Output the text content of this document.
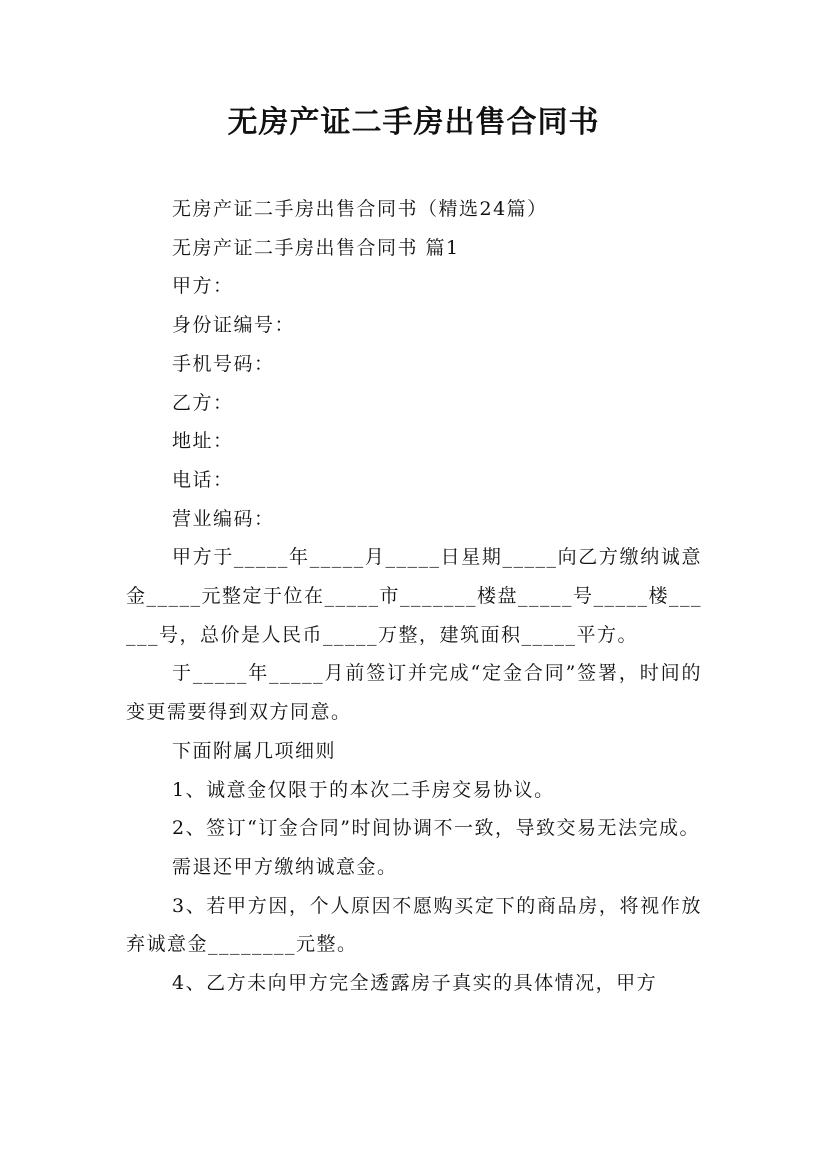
无房产证二手房出售合同书

无房产证二手房出售合同书（精选24篇）

无房产证二手房出售合同书 篇1

甲方：

身份证编号：

手机号码：

乙方：

地址：

电话：

营业编码：

甲方于_____年_____月_____日星期_____向乙方缴纳诚意金_____元整定于位在_____市_______楼盘_____号_____楼______号，总价是人民币_____万整，建筑面积_____平方。

于_____年_____月前签订并完成“定金合同”签署，时间的变更需要得到双方同意。

下面附属几项细则

1、诚意金仅限于的本次二手房交易协议。

2、签订“订金合同”时间协调不一致，导致交易无法完成。

需退还甲方缴纳诚意金。

3、若甲方因，个人原因不愿购买定下的商品房，将视作放弃诚意金________元整。

4、乙方未向甲方完全透露房子真实的具体情况，甲方
